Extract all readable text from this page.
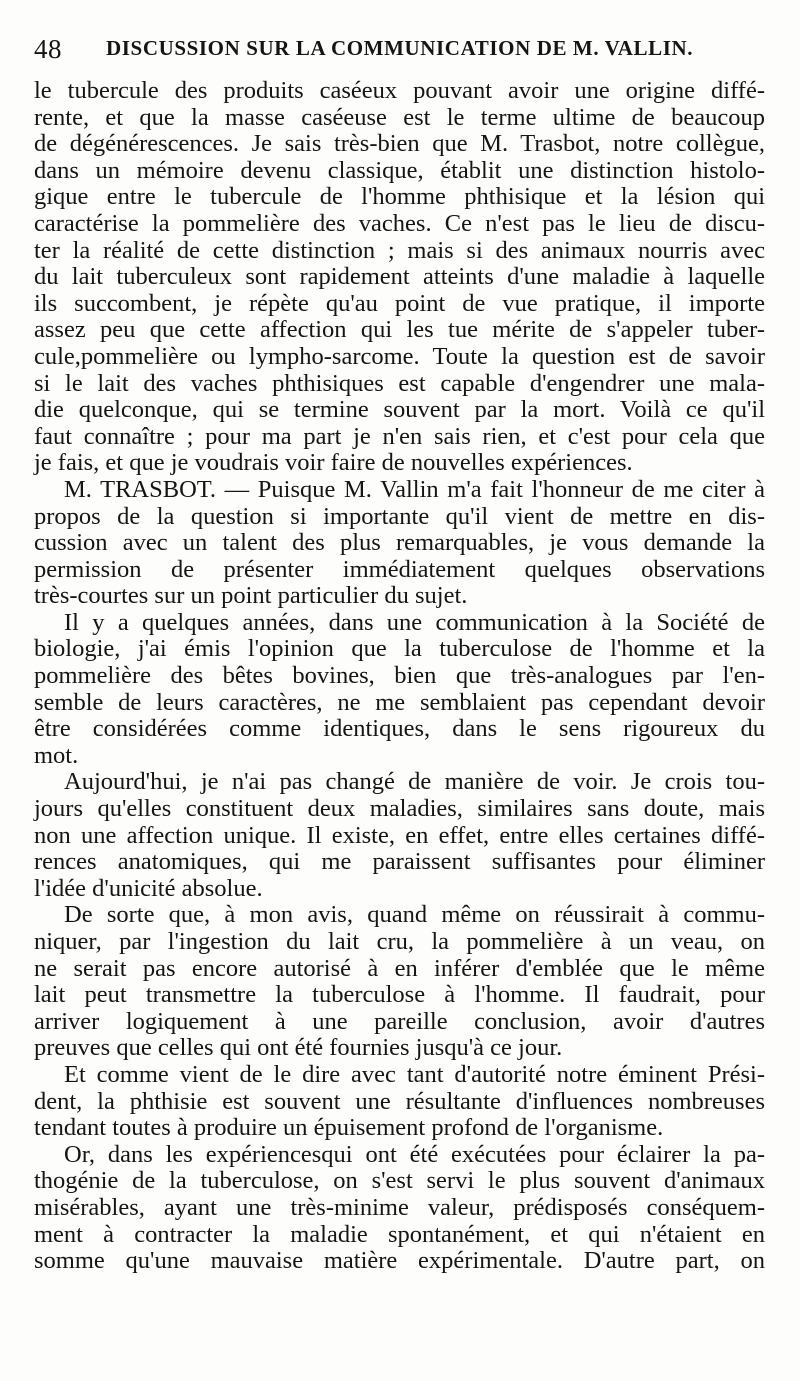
48 DISCUSSION SUR LA COMMUNICATION DE M. VALLIN.
le tubercule des produits caséeux pouvant avoir une origine diffé-
rente, et que la masse caséeuse est le terme ultime de beaucoup
de dégénérescences. Je sais très-bien que M. Trasbot, notre collègue,
dans un mémoire devenu classique, établit une distinction histolo-
gique entre le tubercule de l'homme phthisique et la lésion qui
caractérise la pommelière des vaches. Ce n'est pas le lieu de discu-
ter la réalité de cette distinction ; mais si des animaux nourris avec
du lait tuberculeux sont rapidement atteints d'une maladie à laquelle
ils succombent, je répète qu'au point de vue pratique, il importe
assez peu que cette affection qui les tue mérite de s'appeler tuber-
cule,pommelière ou lympho-sarcome. Toute la question est de savoir
si le lait des vaches phthisiques est capable d'engendrer une mala-
die quelconque, qui se termine souvent par la mort. Voilà ce qu'il
faut connaître ; pour ma part je n'en sais rien, et c'est pour cela que
je fais, et que je voudrais voir faire de nouvelles expériences.
M. TRASBOT. — Puisque M. Vallin m'a fait l'honneur de me citer à
propos de la question si importante qu'il vient de mettre en dis-
cussion avec un talent des plus remarquables, je vous demande la
permission de présenter immédiatement quelques observations
très-courtes sur un point particulier du sujet.
Il y a quelques années, dans une communication à la Société de
biologie, j'ai émis l'opinion que la tuberculose de l'homme et la
pommelière des bêtes bovines, bien que très-analogues par l'en-
semble de leurs caractères, ne me semblaient pas cependant devoir
être considérées comme identiques, dans le sens rigoureux du
mot.
Aujourd'hui, je n'ai pas changé de manière de voir. Je crois tou-
jours qu'elles constituent deux maladies, similaires sans doute, mais
non une affection unique. Il existe, en effet, entre elles certaines diffé-
rences anatomiques, qui me paraissent suffisantes pour éliminer
l'idée d'unicité absolue.
De sorte que, à mon avis, quand même on réussirait à commu-
niquer, par l'ingestion du lait cru, la pommelière à un veau, on
ne serait pas encore autorisé à en inférer d'emblée que le même
lait peut transmettre la tuberculose à l'homme. Il faudrait, pour
arriver logiquement à une pareille conclusion, avoir d'autres
preuves que celles qui ont été fournies jusqu'à ce jour.
Et comme vient de le dire avec tant d'autorité notre éminent Prési-
dent, la phthisie est souvent une résultante d'influences nombreuses
tendant toutes à produire un épuisement profond de l'organisme.
Or, dans les expériencesqui ont été exécutées pour éclairer la pa-
thogénie de la tuberculose, on s'est servi le plus souvent d'animaux
misérables, ayant une très-minime valeur, prédisposés conséquem-
ment à contracter la maladie spontanément, et qui n'étaient en
somme qu'une mauvaise matière expérimentale. D'autre part, on
